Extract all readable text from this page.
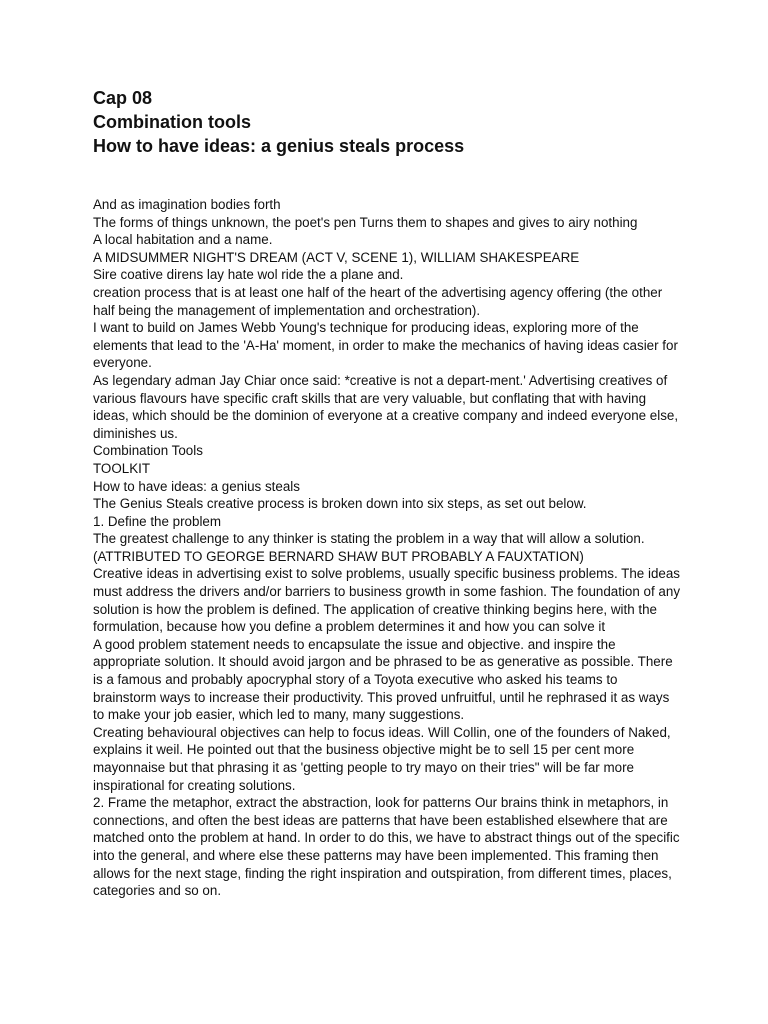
Cap 08

Combination tools

How to have ideas: a genius steals process

And as imagination bodies forth

The forms of things unknown, the poet's pen Turns them to shapes and gives to airy nothing

A local habitation and a name.

A MIDSUMMER NIGHT'S DREAM (ACT V, SCENE 1), WILLIAM SHAKESPEARE

Sire coative direns lay hate wol ride the a plane and.

creation process that is at least one half of the heart of the advertising agency offering (the other half being the management of implementation and orchestration).

I want to build on James Webb Young's technique for producing ideas, exploring more of the elements that lead to the 'A-Ha' moment, in order to make the mechanics of having ideas casier for everyone.

As legendary adman Jay Chiar once said: *creative is not a depart-ment.' Advertising creatives of various flavours have specific craft skills that are very valuable, but conflating that with having ideas, which should be the dominion of everyone at a creative company and indeed everyone else, diminishes us.

Combination Tools

TOOLKIT

How to have ideas: a genius steals

The Genius Steals creative process is broken down into six steps, as set out below.

1. Define the problem

The greatest challenge to any thinker is stating the problem in a way that will allow a solution.

(ATTRIBUTED TO GEORGE BERNARD SHAW BUT PROBABLY A FAUXTATION)

Creative ideas in advertising exist to solve problems, usually specific business problems. The ideas must address the drivers and/or barriers to business growth in some fashion. The foundation of any solution is how the problem is defined. The application of creative thinking begins here, with the formulation, because how you define a problem determines it and how you can solve it

A good problem statement needs to encapsulate the issue and objective. and inspire the appropriate solution. It should avoid jargon and be phrased to be as generative as possible. There is a famous and probably apocryphal story of a Toyota executive who asked his teams to brainstorm ways to increase their productivity. This proved unfruitful, until he rephrased it as ways to make your job easier, which led to many, many suggestions.

Creating behavioural objectives can help to focus ideas. Will Collin, one of the founders of Naked, explains it weil. He pointed out that the business objective might be to sell 15 per cent more mayonnaise but that phrasing it as 'getting people to try mayo on their tries" will be far more inspirational for creating solutions.

2. Frame the metaphor, extract the abstraction, look for patterns Our brains think in metaphors, in connections, and often the best ideas are patterns that have been established elsewhere that are matched onto the problem at hand. In order to do this, we have to abstract things out of the specific into the general, and where else these patterns may have been implemented. This framing then allows for the next stage, finding the right inspiration and outspiration, from different times, places, categories and so on.
